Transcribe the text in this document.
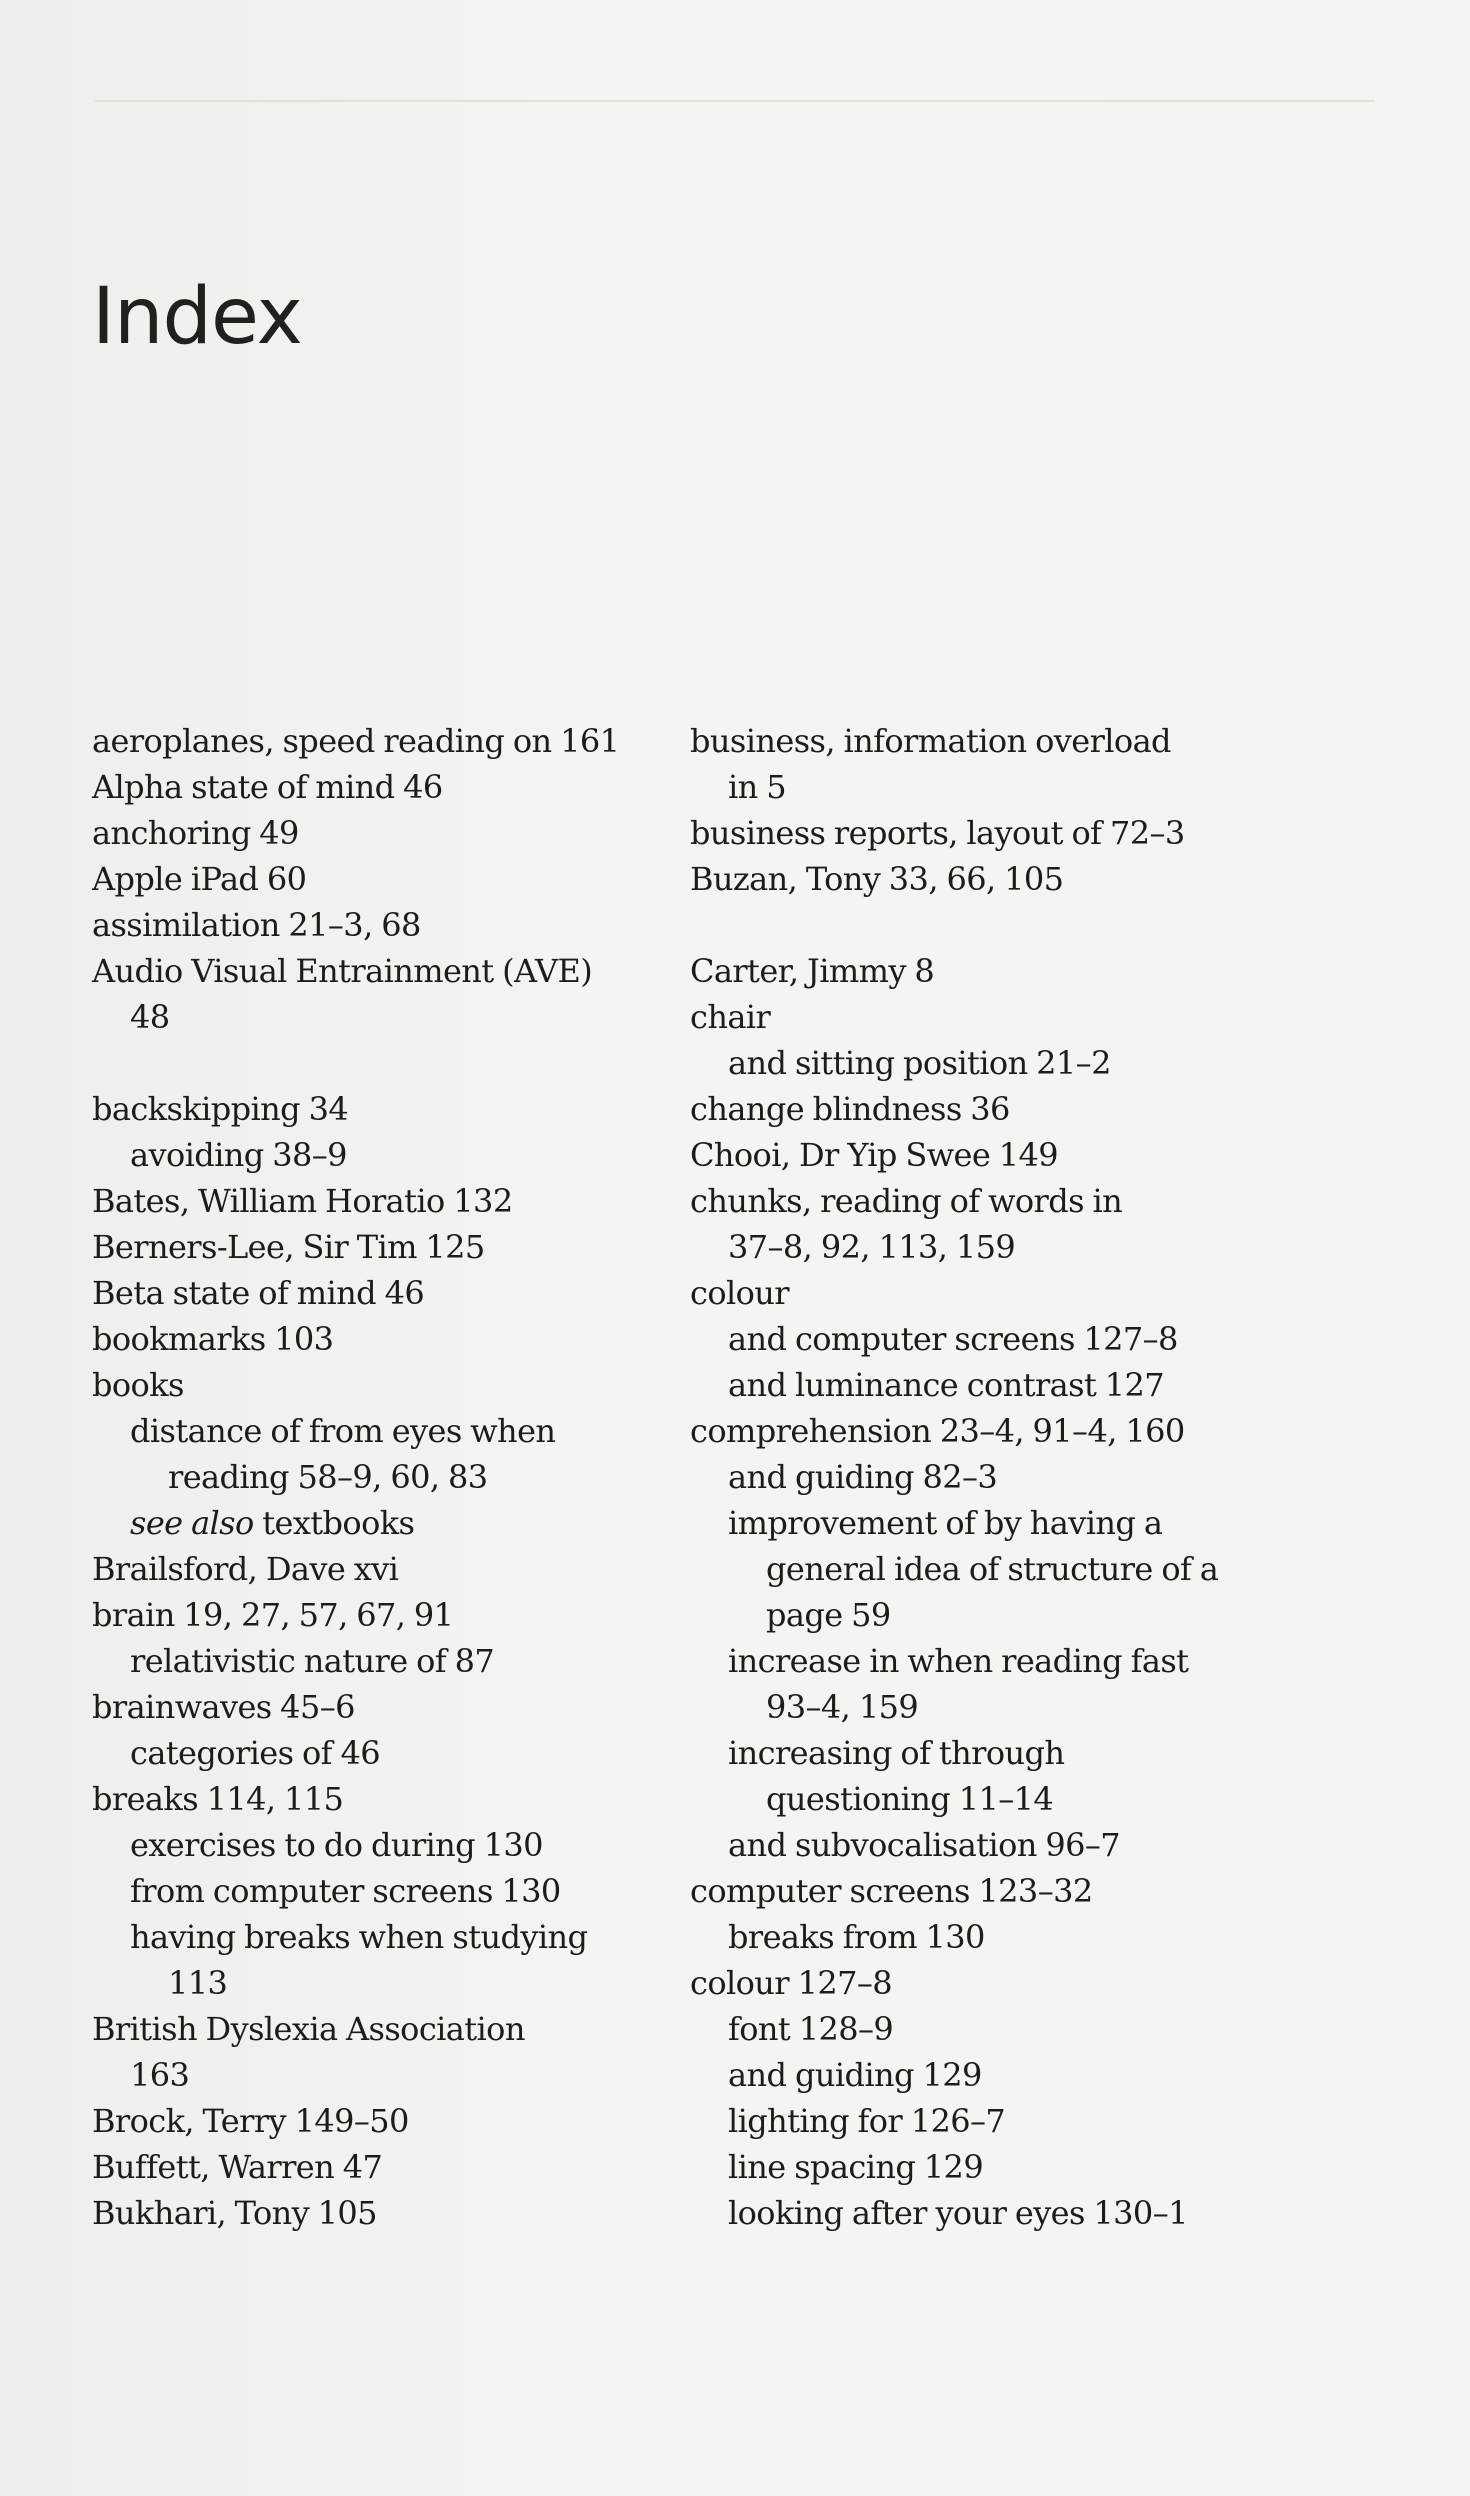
Index
aeroplanes, speed reading on 161
Alpha state of mind 46
anchoring 49
Apple iPad 60
assimilation 21–3, 68
Audio Visual Entrainment (AVE)
48
backskipping 34
avoiding 38–9
Bates, William Horatio 132
Berners-Lee, Sir Tim 125
Beta state of mind 46
bookmarks 103
books
distance of from eyes when
reading 58–9, 60, 83
see also textbooks
Brailsford, Dave xvi
brain 19, 27, 57, 67, 91
relativistic nature of 87
brainwaves 45–6
categories of 46
breaks 114, 115
exercises to do during 130
from computer screens 130
having breaks when studying
113
British Dyslexia Association
163
Brock, Terry 149–50
Buffett, Warren 47
Bukhari, Tony 105
business, information overload
in 5
business reports, layout of 72–3
Buzan, Tony 33, 66, 105
Carter, Jimmy 8
chair
and sitting position 21–2
change blindness 36
Chooi, Dr Yip Swee 149
chunks, reading of words in
37–8, 92, 113, 159
colour
and computer screens 127–8
and luminance contrast 127
comprehension 23–4, 91–4, 160
and guiding 82–3
improvement of by having a
general idea of structure of a
page 59
increase in when reading fast
93–4, 159
increasing of through
questioning 11–14
and subvocalisation 96–7
computer screens 123–32
breaks from 130
colour 127–8
font 128–9
and guiding 129
lighting for 126–7
line spacing 129
looking after your eyes 130–1
